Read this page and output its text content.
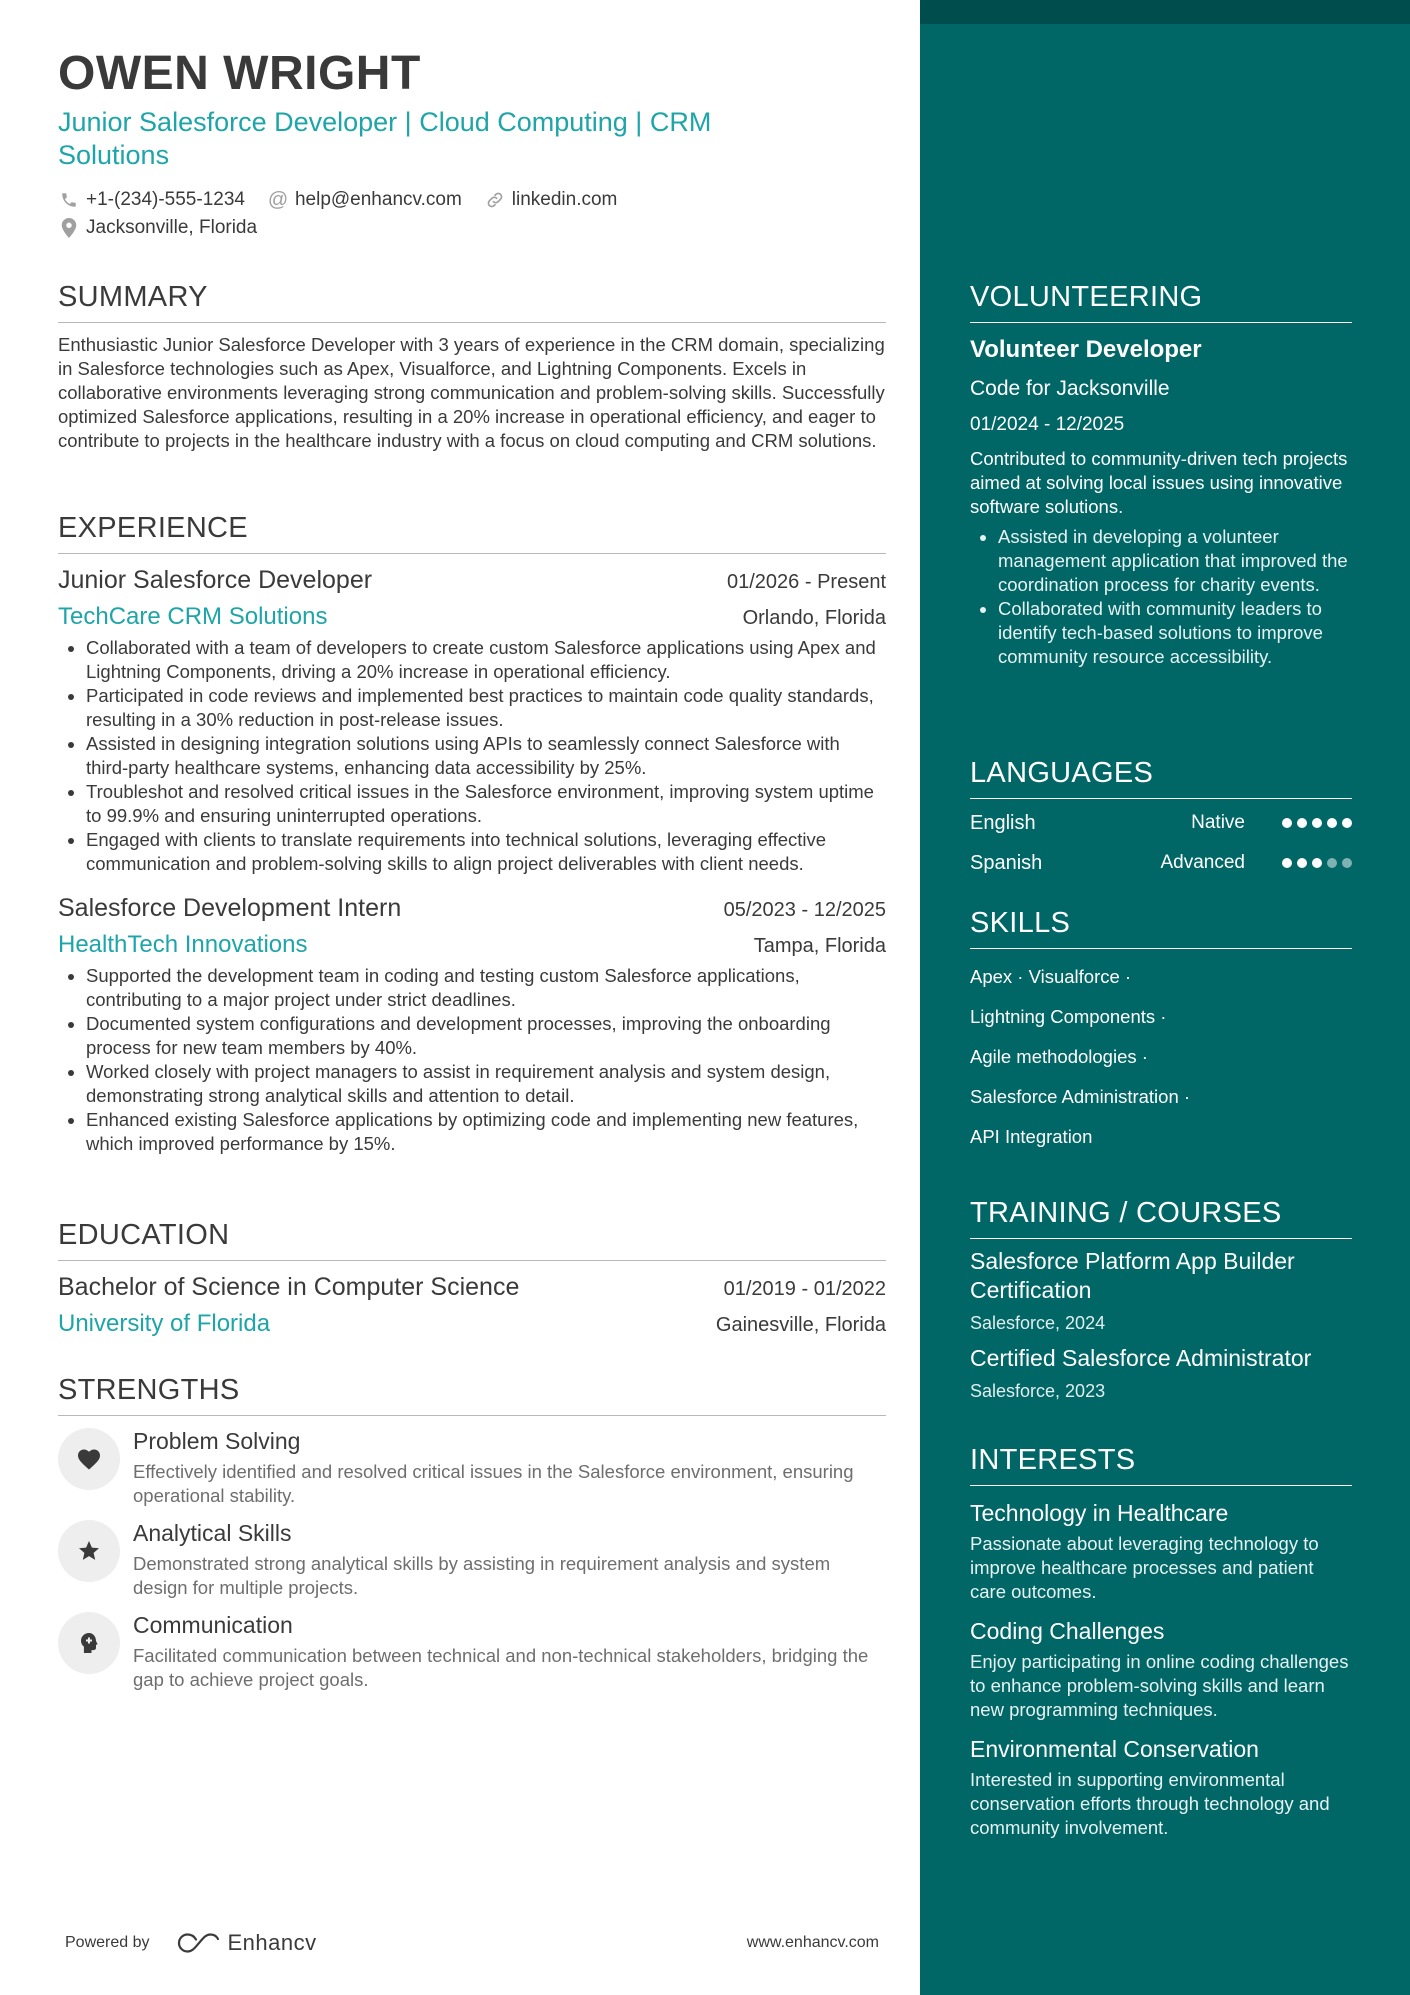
OWEN WRIGHT
Junior Salesforce Developer | Cloud Computing | CRM Solutions
+1-(234)-555-1234 @ help@enhancv.com	linkedin.com
Jacksonville, Florida
SUMMARY
Enthusiastic Junior Salesforce Developer with 3 years of experience in the CRM domain, specializing in Salesforce technologies such as Apex, Visualforce, and Lightning Components. Excels in collaborative environments leveraging strong communication and problem-solving skills. Successfully optimized Salesforce applications, resulting in a 20% increase in operational efficiency, and eager to contribute to projects in the healthcare industry with a focus on cloud computing and CRM solutions.
EXPERIENCE
Junior Salesforce Developer	01/2026 - Present
TechCare CRM Solutions	Orlando, Florida
• Collaborated with a team of developers to create custom Salesforce applications using Apex and Lightning Components, driving a 20% increase in operational efficiency.
• Participated in code reviews and implemented best practices to maintain code quality standards, resulting in a 30% reduction in post-release issues.
• Assisted in designing integration solutions using APIs to seamlessly connect Salesforce with third-party healthcare systems, enhancing data accessibility by 25%.
• Troubleshot and resolved critical issues in the Salesforce environment, improving system uptime to 99.9% and ensuring uninterrupted operations.
• Engaged with clients to translate requirements into technical solutions, leveraging effective communication and problem-solving skills to align project deliverables with client needs.
Salesforce Development Intern	05/2023 - 12/2025
HealthTech Innovations	Tampa, Florida
• Supported the development team in coding and testing custom Salesforce applications, contributing to a major project under strict deadlines.
• Documented system configurations and development processes, improving the onboarding process for new team members by 40%.
• Worked closely with project managers to assist in requirement analysis and system design, demonstrating strong analytical skills and attention to detail.
• Enhanced existing Salesforce applications by optimizing code and implementing new features, which improved performance by 15%.
EDUCATION
Bachelor of Science in Computer Science	01/2019 - 01/2022
University of Florida	Gainesville, Florida
STRENGTHS
Problem Solving
Effectively identified and resolved critical issues in the Salesforce environment, ensuring operational stability.
Analytical Skills
Demonstrated strong analytical skills by assisting in requirement analysis and system design for multiple projects.
Communication
Facilitated communication between technical and non-technical stakeholders, bridging the gap to achieve project goals.
Powered by	Enhancv	www.enhancv.com
VOLUNTEERING
Volunteer Developer
Code for Jacksonville
01/2024 - 12/2025
Contributed to community-driven tech projects aimed at solving local issues using innovative software solutions.
• Assisted in developing a volunteer management application that improved the coordination process for charity events.
• Collaborated with community leaders to identify tech-based solutions to improve community resource accessibility.
LANGUAGES
English	Native
Spanish	Advanced
SKILLS
Apex · Visualforce ·
Lightning Components ·
Agile methodologies ·
Salesforce Administration ·
API Integration
TRAINING / COURSES
Salesforce Platform App Builder Certification
Salesforce, 2024
Certified Salesforce Administrator
Salesforce, 2023
INTERESTS
Technology in Healthcare
Passionate about leveraging technology to improve healthcare processes and patient care outcomes.
Coding Challenges
Enjoy participating in online coding challenges to enhance problem-solving skills and learn new programming techniques.
Environmental Conservation
Interested in supporting environmental conservation efforts through technology and community involvement.
